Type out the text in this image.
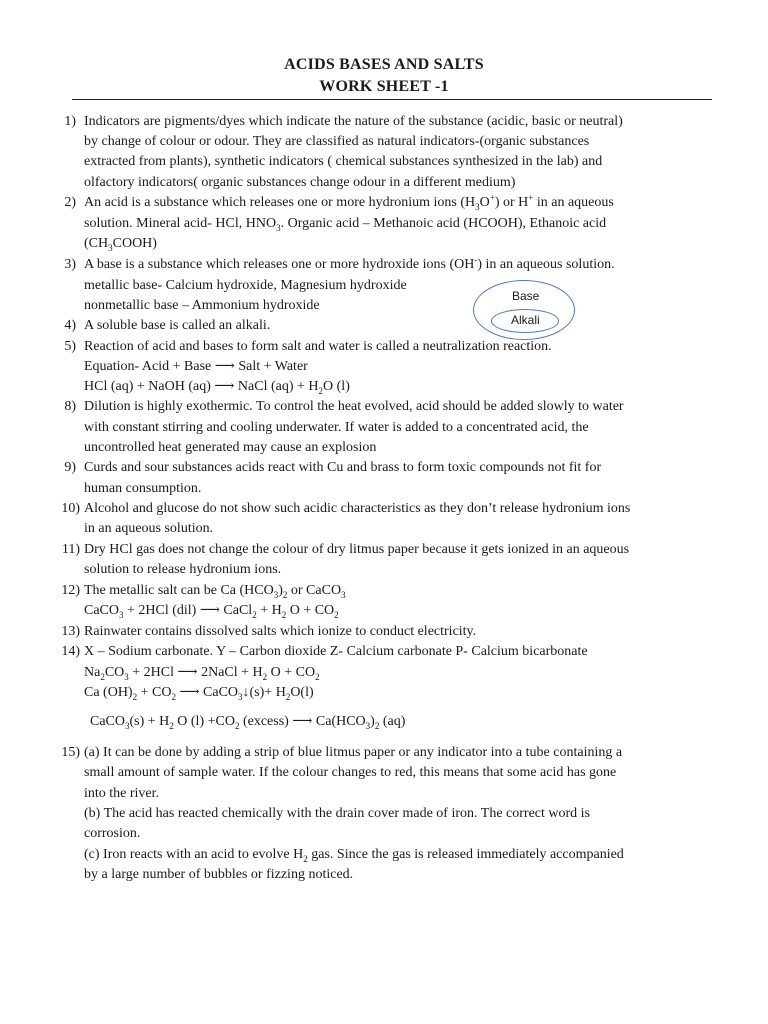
ACIDS BASES AND SALTS
WORK SHEET -1
1) Indicators are pigments/dyes which indicate the nature of the substance (acidic, basic or neutral)
by change of colour or odour. They are classified as natural indicators-(organic substances
extracted from plants), synthetic indicators ( chemical substances synthesized in the lab) and
olfactory indicators( organic substances change odour in a different medium)
2) An acid is a substance which releases one or more hydronium ions $(H_3O^+)$ or H+ in an aqueous
solution. Mineral acid- HCl, $HNO_3$. Organic acid – Methanoic acid (HCOOH), Ethanoic acid
$(CH_3COOH)$
3) A base is a substance which releases one or more hydroxide ions (OH-) in an aqueous solution.
metallic base- Calcium hydroxide, Magnesium hydroxide
nonmetallic base – Ammonium hydroxide
4) A soluble base is called an alkali.
5) Reaction of acid and bases to form salt and water is called a neutralization reaction.
Equation- Acid + Base ⟶ Salt + Water
HCl (aq) + NaOH (aq) ⟶ NaCl $(aq) + H_2O$ (l)
8) Dilution is highly exothermic. To control the heat evolved, acid should be added slowly to water
with constant stirring and cooling underwater. If water is added to a concentrated acid, the
uncontrolled heat generated may cause an explosion
9) Curds and sour substances acids react with Cu and brass to form toxic compounds not fit for
human consumption.
10) Alcohol and glucose do not show such acidic characteristics as they don’t release hydronium ions
in an aqueous solution.
11) Dry HCl gas does not change the colour of dry litmus paper because it gets ionized in an aqueous
solution to release hydronium ions.
12) The metallic salt can be Ca $(HCO_3)_2$ or CaCO$_3$
CaCO$_3$ + 2HCl (dil) ⟶ CaCl$_2$ + $H_2$ $O + CO_2$
13) Rainwater contains dissolved salts which ionize to conduct electricity.
14) X – Sodium carbonate. Y – Carbon dioxide Z- Calcium carbonate P- Calcium bicarbonate
$Na_2CO_3 + 2HCl$ ⟶ 2NaCl + $H_2$ $O + CO_2$
Ca $(OH)_2 + CO_2$ ⟶ CaCO$_3$↓(s)+ $H_2O(l)$
CaCO$_3$(s) + $H_2$ O $(l) +CO_2$ (excess) ⟶ $Ca(HCO_3)_2$ (aq)
15) (a) It can be done by adding a strip of blue litmus paper or any indicator into a tube containing a
small amount of sample water. If the colour changes to red, this means that some acid has gone
into the river.
(b) The acid has reacted chemically with the drain cover made of iron. The correct word is
corrosion.
(c) Iron reacts with an acid to evolve $H_2$ gas. Since the gas is released immediately accompanied
by a large number of bubbles or fizzing noticed.
Base
Alkali
